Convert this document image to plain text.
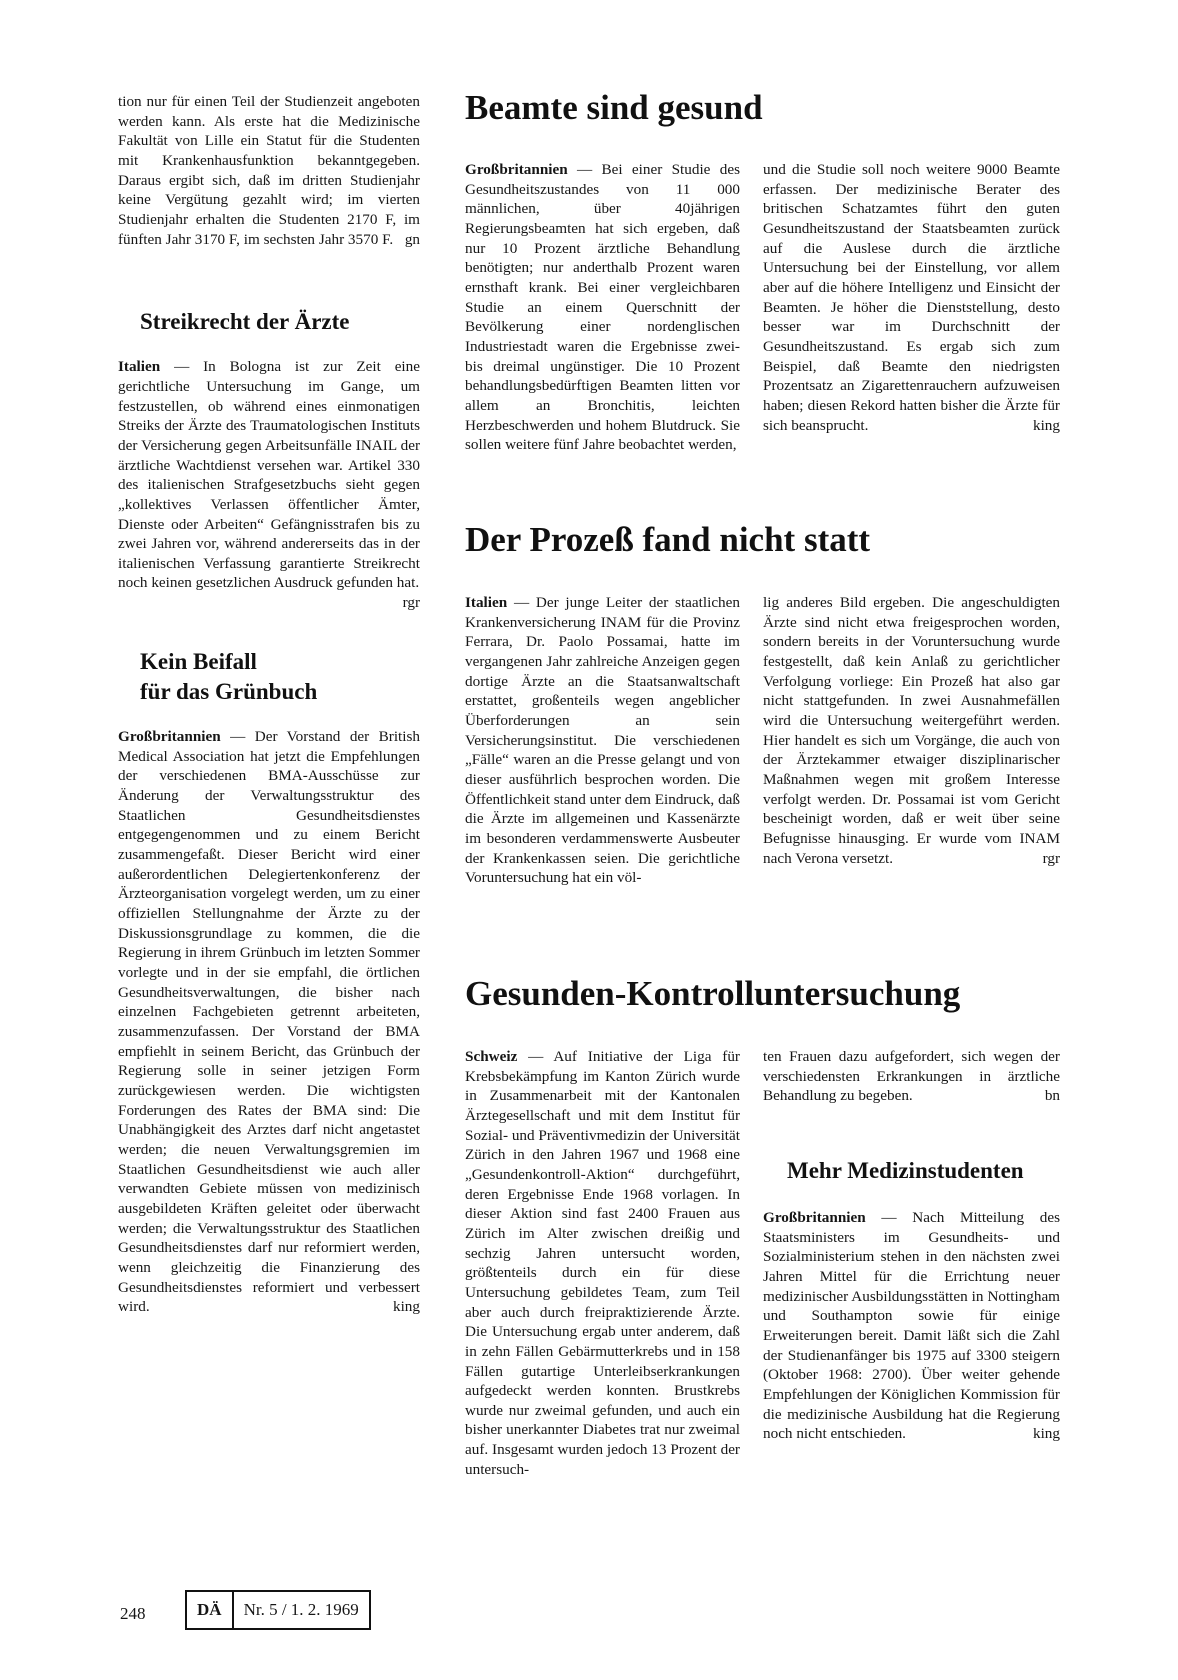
tion nur für einen Teil der Studienzeit angeboten werden kann. Als erste hat die Medizinische Fakultät von Lille ein Statut für die Studenten mit Krankenhausfunktion bekanntgegeben. Daraus ergibt sich, daß im dritten Studienjahr keine Vergütung gezahlt wird; im vierten Studienjahr erhalten die Studenten 2170 F, im fünften Jahr 3170 F, im sechsten Jahr 3570 F. gn

Streikrecht der Ärzte

Italien — In Bologna ist zur Zeit eine gerichtliche Untersuchung im Gange, um festzustellen, ob während eines einmonatigen Streiks der Ärzte des Traumatologischen Instituts der Versicherung gegen Arbeitsunfälle INAIL der ärztliche Wachtdienst versehen war. Artikel 330 des italienischen Strafgesetzbuchs sieht gegen „kollektives Verlassen öffentlicher Ämter, Dienste oder Arbeiten“ Gefängnisstrafen bis zu zwei Jahren vor, während andererseits das in der italienischen Verfassung garantierte Streikrecht noch keinen gesetzlichen Ausdruck gefunden hat.
rgr

Kein Beifall
für das Grünbuch

Großbritannien — Der Vorstand der British Medical Association hat jetzt die Empfehlungen der verschiedenen BMA-Ausschüsse zur Änderung der Verwaltungsstruktur des Staatlichen Gesundheitsdienstes entgegengenommen und zu einem Bericht zusammengefaßt. Dieser Bericht wird einer außerordentlichen Delegiertenkonferenz der Ärzteorganisation vorgelegt werden, um zu einer offiziellen Stellungnahme der Ärzte zu der Diskussionsgrundlage zu kommen, die die Regierung in ihrem Grünbuch im letzten Sommer vorlegte und in der sie empfahl, die örtlichen Gesundheitsverwaltungen, die bisher nach einzelnen Fachgebieten getrennt arbeiteten, zusammenzufassen. Der Vorstand der BMA empfiehlt in seinem Bericht, das Grünbuch der Regierung solle in seiner jetzigen Form zurückgewiesen werden. Die wichtigsten Forderungen des Rates der BMA sind: Die Unabhängigkeit des Arztes darf nicht angetastet werden; die neuen Verwaltungsgremien im Staatlichen Gesundheitsdienst wie auch aller verwandten Gebiete müssen von medizinisch ausgebildeten Kräften geleitet oder überwacht werden; die Verwaltungsstruktur des Staatlichen Gesundheitsdienstes darf nur reformiert werden, wenn gleichzeitig die Finanzierung des Gesundheitsdienstes reformiert und verbessert wird.	king

Beamte sind gesund

Großbritannien — Bei einer Studie des Gesundheitszustandes von 11 000 männlichen, über 40jährigen Regierungsbeamten hat sich ergeben, daß nur 10 Prozent ärztliche Behandlung benötigten; nur anderthalb Prozent waren ernsthaft krank. Bei einer vergleichbaren Studie an einem Querschnitt der Bevölkerung einer nordenglischen Industriestadt waren die Ergebnisse zwei- bis dreimal ungünstiger. Die 10 Prozent behandlungsbedürftigen Beamten litten vor allem an Bronchitis, leichten Herzbeschwerden und hohem Blutdruck. Sie sollen weitere fünf Jahre beobachtet werden,

und die Studie soll noch weitere 9000 Beamte erfassen. Der medizinische Berater des britischen Schatzamtes führt den guten Gesundheitszustand der Staatsbeamten zurück auf die Auslese durch die ärztliche Untersuchung bei der Einstellung, vor allem aber auf die höhere Intelligenz und Einsicht der Beamten. Je höher die Dienststellung, desto besser war im Durchschnitt der Gesundheitszustand. Es ergab sich zum Beispiel, daß Beamte den niedrigsten Prozentsatz an Zigarettenrauchern aufzuweisen haben; diesen Rekord hatten bisher die Ärzte für sich beansprucht.	king

Der Prozeß fand nicht statt

Italien — Der junge Leiter der staatlichen Krankenversicherung INAM für die Provinz Ferrara, Dr. Paolo Possamai, hatte im vergangenen Jahr zahlreiche Anzeigen gegen dortige Ärzte an die Staatsanwaltschaft erstattet, großenteils wegen angeblicher Überforderungen an sein Versicherungsinstitut. Die verschiedenen „Fälle“ waren an die Presse gelangt und von dieser ausführlich besprochen worden. Die Öffentlichkeit stand unter dem Eindruck, daß die Ärzte im allgemeinen und Kassenärzte im besonderen verdammenswerte Ausbeuter der Krankenkassen seien. Die gerichtliche Voruntersuchung hat ein völ-

lig anderes Bild ergeben. Die angeschuldigten Ärzte sind nicht etwa freigesprochen worden, sondern bereits in der Voruntersuchung wurde festgestellt, daß kein Anlaß zu gerichtlicher Verfolgung vorliege: Ein Prozeß hat also gar nicht stattgefunden. In zwei Ausnahmefällen wird die Untersuchung weitergeführt werden. Hier handelt es sich um Vorgänge, die auch von der Ärztekammer etwaiger disziplinarischer Maßnahmen wegen mit großem Interesse verfolgt werden. Dr. Possamai ist vom Gericht bescheinigt worden, daß er weit über seine Befugnisse hinausging. Er wurde vom INAM nach Verona versetzt.	rgr

Gesunden-Kontrolluntersuchung

Schweiz — Auf Initiative der Liga für Krebsbekämpfung im Kanton Zürich wurde in Zusammenarbeit mit der Kantonalen Ärztegesellschaft und mit dem Institut für Sozial- und Präventivmedizin der Universität Zürich in den Jahren 1967 und 1968 eine „Gesundenkontroll-Aktion“ durchgeführt, deren Ergebnisse Ende 1968 vorlagen. In dieser Aktion sind fast 2400 Frauen aus Zürich im Alter zwischen dreißig und sechzig Jahren untersucht worden, größtenteils durch ein für diese Untersuchung gebildetes Team, zum Teil aber auch durch freipraktizierende Ärzte. Die Untersuchung ergab unter anderem, daß in zehn Fällen Gebärmutterkrebs und in 158 Fällen gutartige Unterleibserkrankungen aufgedeckt werden konnten. Brustkrebs wurde nur zweimal gefunden, und auch ein bisher unerkannter Diabetes trat nur zweimal auf. Insgesamt wurden jedoch 13 Prozent der untersuch-

ten Frauen dazu aufgefordert, sich wegen der verschiedensten Erkrankungen in ärztliche Behandlung zu begeben.	bn

Mehr Medizinstudenten

Großbritannien — Nach Mitteilung des Staatsministers im Gesundheits- und Sozialministerium stehen in den nächsten zwei Jahren Mittel für die Errichtung neuer medizinischer Ausbildungsstätten in Nottingham und Southampton sowie für einige Erweiterungen bereit. Damit läßt sich die Zahl der Studienanfänger bis 1975 auf 3300 steigern (Oktober 1968: 2700). Über weiter gehende Empfehlungen der Königlichen Kommission für die medizinische Ausbildung hat die Regierung noch nicht entschieden.	king

248	DÄ	Nr. 5 / 1. 2. 1969
